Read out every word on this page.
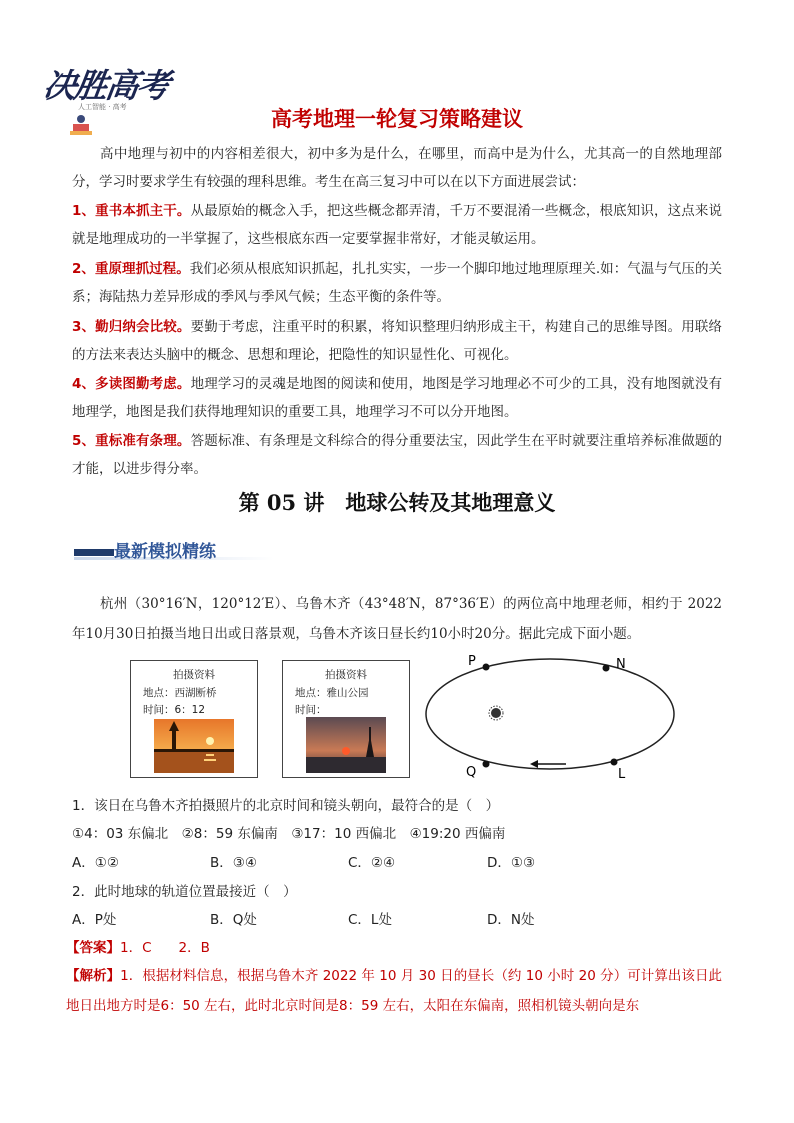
决胜高考
人工智能 · 高考	高考地理一轮复习策略建议
高中地理与初中的内容相差很大，初中多为是什么，在哪里，而高中是为什么，尤其高一的自然地理部分，学习时要求学生有较强的理科思维。考生在高三复习中可以在以下方面进展尝试：
1、重书本抓主干。从最原始的概念入手，把这些概念都弄清，千万不要混淆一些概念，根底知识，这点来说就是地理成功的一半掌握了，这些根底东西一定要掌握非常好，才能灵敏运用。
2、重原理抓过程。我们必须从根底知识抓起，扎扎实实，一步一个脚印地过地理原理关.如：气温与气压的关系；海陆热力差异形成的季风与季风气候；生态平衡的条件等。
3、勤归纳会比较。要勤于考虑，注重平时的积累，将知识整理归纳形成主干，构建自己的思维导图。用联络的方法来表达头脑中的概念、思想和理论，把隐性的知识显性化、可视化。
4、多读图勤考虑。地理学习的灵魂是地图的阅读和使用，地图是学习地理必不可少的工具，没有地图就没有地理学，地图是我们获得地理知识的重要工具，地理学习不可以分开地图。
5、重标准有条理。答题标准、有条理是文科综合的得分重要法宝，因此学生在平时就要注重培养标准做题的才能，以进步得分率。
第 05 讲　地球公转及其地理意义
最新模拟精练
杭州（30°16′N，120°12′E）、乌鲁木齐（43°48′N，87°36′E）的两位高中地理老师，相约于 2022 年10月30日拍摄当地日出或日落景观，乌鲁木齐该日昼长约10小时20分。据此完成下面小题。
拍摄资料
地点：西湖断桥
时间：6：12
拍摄资料
地点：雅山公园
时间：
P	N
Q	L
1．该日在乌鲁木齐拍摄照片的北京时间和镜头朝向，最符合的是（　）
①4：03 东偏北　②8：59 东偏南　③17：10 西偏北　④19:20 西偏南
A．①②	B．③④	C．②④	D．①③
2．此时地球的轨道位置最接近（　）
A．P处	B．Q处	C．L处	D．N处
【答案】1．C　　2．B
【解析】1．根据材料信息，根据乌鲁木齐 2022 年 10 月 30 日的昼长（约 10 小时 20 分）可计算出该日此地日出地方时是6：50 左右，此时北京时间是8：59 左右，太阳在东偏南，照相机镜头朝向是东
